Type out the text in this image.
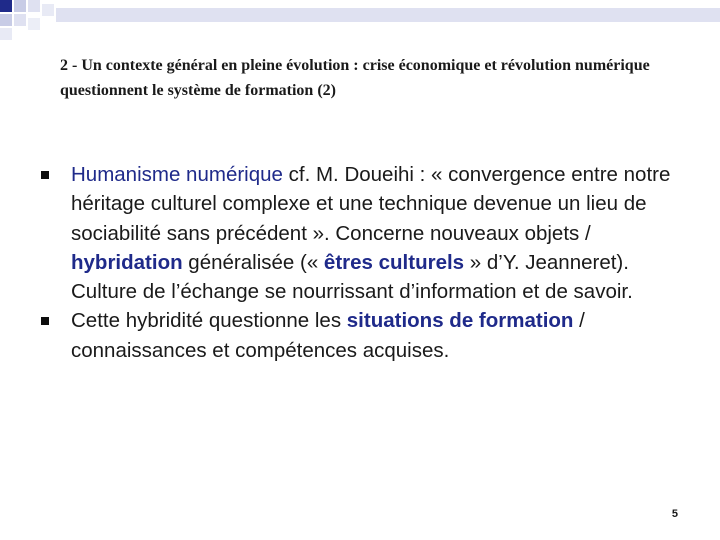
2 - Un contexte général en pleine évolution : crise économique et révolution numérique questionnent le système de formation (2)
Humanisme numérique cf. M. Doueihi : « convergence entre notre héritage culturel complexe et une technique devenue un lieu de sociabilité sans précédent ». Concerne nouveaux objets / hybridation généralisée (« êtres culturels » d’Y. Jeanneret). Culture de l’échange se nourrissant d’information et de savoir.
Cette hybridité questionne les situations de formation / connaissances et compétences acquises.
5
